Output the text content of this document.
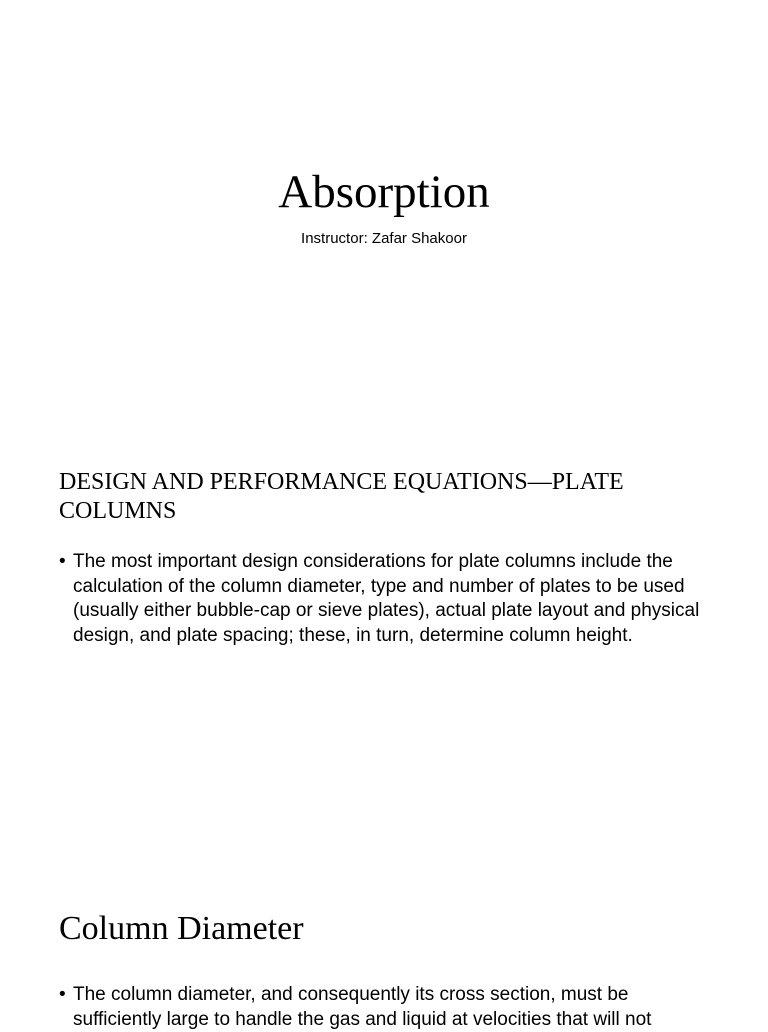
Absorption

Instructor: Zafar Shakoor

DESIGN AND PERFORMANCE EQUATIONS—PLATE COLUMNS
• The most important design considerations for plate columns include the calculation of the column diameter, type and number of plates to be used (usually either bubble-cap or sieve plates), actual plate layout and physical design, and plate spacing; these, in turn, determine column height.
Column Diameter
• The column diameter, and consequently its cross section, must be sufficiently large to handle the gas and liquid at velocities that will not
